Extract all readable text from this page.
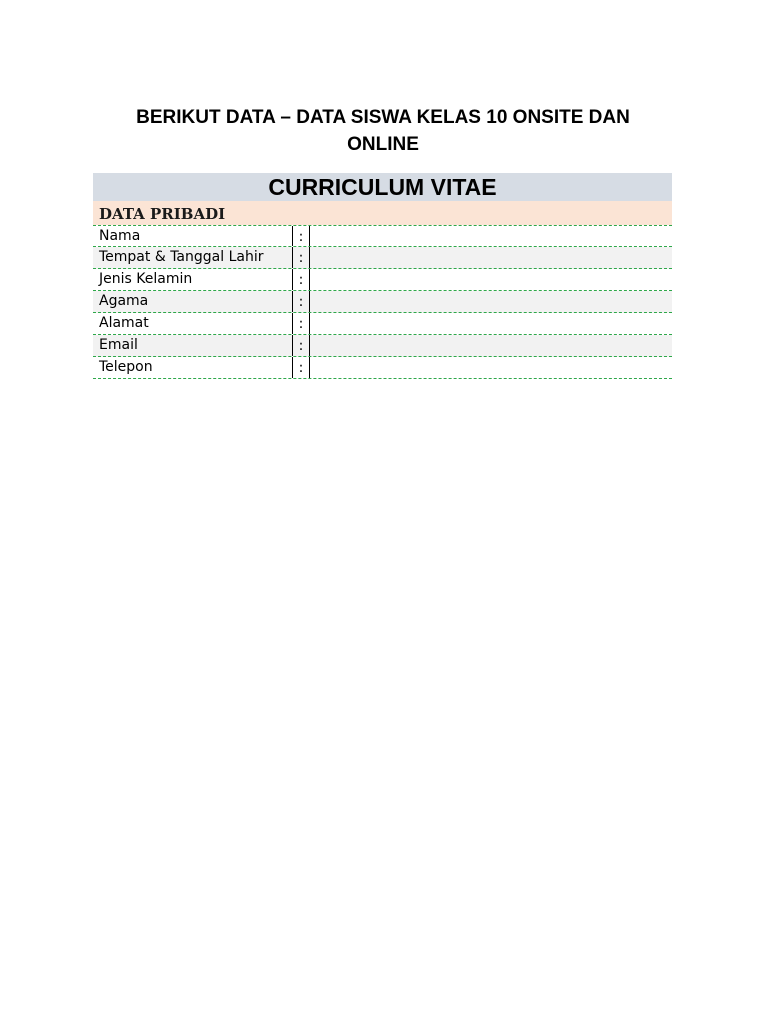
BERIKUT DATA – DATA SISWA KELAS 10 ONSITE DAN ONLINE
CURRICULUM VITAE
DATA PRIBADI
Nama	:
Tempat & Tanggal Lahir	:
Jenis Kelamin	:
Agama	:
Alamat	:
Email	:
Telepon	:
